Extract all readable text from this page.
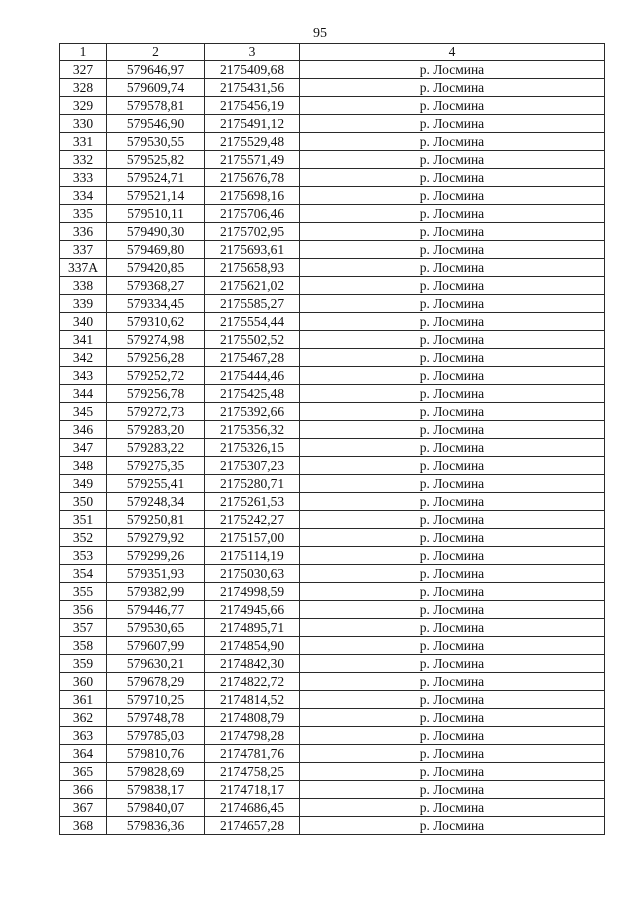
95
1	2	3	4
327	579646,97	2175409,68	р. Лосмина
328	579609,74	2175431,56	р. Лосмина
329	579578,81	2175456,19	р. Лосмина
330	579546,90	2175491,12	р. Лосмина
331	579530,55	2175529,48	р. Лосмина
332	579525,82	2175571,49	р. Лосмина
333	579524,71	2175676,78	р. Лосмина
334	579521,14	2175698,16	р. Лосмина
335	579510,11	2175706,46	р. Лосмина
336	579490,30	2175702,95	р. Лосмина
337	579469,80	2175693,61	р. Лосмина
337А	579420,85	2175658,93	р. Лосмина
338	579368,27	2175621,02	р. Лосмина
339	579334,45	2175585,27	р. Лосмина
340	579310,62	2175554,44	р. Лосмина
341	579274,98	2175502,52	р. Лосмина
342	579256,28	2175467,28	р. Лосмина
343	579252,72	2175444,46	р. Лосмина
344	579256,78	2175425,48	р. Лосмина
345	579272,73	2175392,66	р. Лосмина
346	579283,20	2175356,32	р. Лосмина
347	579283,22	2175326,15	р. Лосмина
348	579275,35	2175307,23	р. Лосмина
349	579255,41	2175280,71	р. Лосмина
350	579248,34	2175261,53	р. Лосмина
351	579250,81	2175242,27	р. Лосмина
352	579279,92	2175157,00	р. Лосмина
353	579299,26	2175114,19	р. Лосмина
354	579351,93	2175030,63	р. Лосмина
355	579382,99	2174998,59	р. Лосмина
356	579446,77	2174945,66	р. Лосмина
357	579530,65	2174895,71	р. Лосмина
358	579607,99	2174854,90	р. Лосмина
359	579630,21	2174842,30	р. Лосмина
360	579678,29	2174822,72	р. Лосмина
361	579710,25	2174814,52	р. Лосмина
362	579748,78	2174808,79	р. Лосмина
363	579785,03	2174798,28	р. Лосмина
364	579810,76	2174781,76	р. Лосмина
365	579828,69	2174758,25	р. Лосмина
366	579838,17	2174718,17	р. Лосмина
367	579840,07	2174686,45	р. Лосмина
368	579836,36	2174657,28	р. Лосмина
